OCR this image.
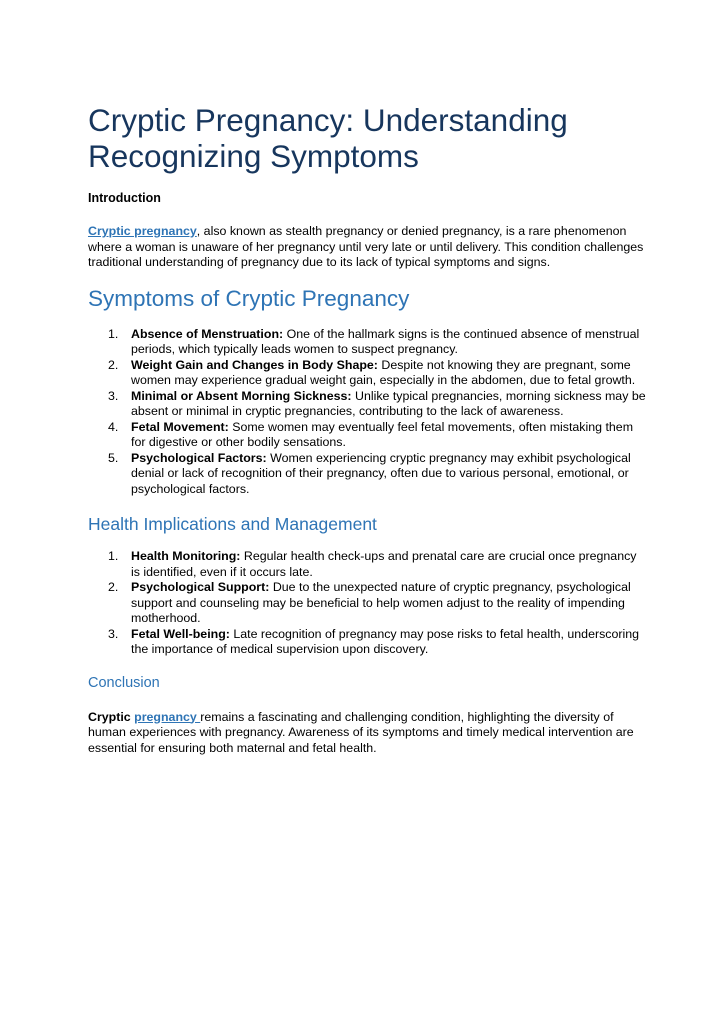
Cryptic Pregnancy: Understanding Recognizing Symptoms
Introduction

Cryptic pregnancy, also known as stealth pregnancy or denied pregnancy, is a rare phenomenon where a woman is unaware of her pregnancy until very late or until delivery. This condition challenges traditional understanding of pregnancy due to its lack of typical symptoms and signs.

Symptoms of Cryptic Pregnancy
1. Absence of Menstruation: One of the hallmark signs is the continued absence of menstrual periods, which typically leads women to suspect pregnancy.
2. Weight Gain and Changes in Body Shape: Despite not knowing they are pregnant, some women may experience gradual weight gain, especially in the abdomen, due to fetal growth.
3. Minimal or Absent Morning Sickness: Unlike typical pregnancies, morning sickness may be absent or minimal in cryptic pregnancies, contributing to the lack of awareness.
4. Fetal Movement: Some women may eventually feel fetal movements, often mistaking them for digestive or other bodily sensations.
5. Psychological Factors: Women experiencing cryptic pregnancy may exhibit psychological denial or lack of recognition of their pregnancy, often due to various personal, emotional, or psychological factors.
Health Implications and Management
1. Health Monitoring: Regular health check-ups and prenatal care are crucial once pregnancy is identified, even if it occurs late.
2. Psychological Support: Due to the unexpected nature of cryptic pregnancy, psychological support and counseling may be beneficial to help women adjust to the reality of impending motherhood.
3. Fetal Well-being: Late recognition of pregnancy may pose risks to fetal health, underscoring the importance of medical supervision upon discovery.
Conclusion

Cryptic pregnancy remains a fascinating and challenging condition, highlighting the diversity of human experiences with pregnancy. Awareness of its symptoms and timely medical intervention are essential for ensuring both maternal and fetal health.
